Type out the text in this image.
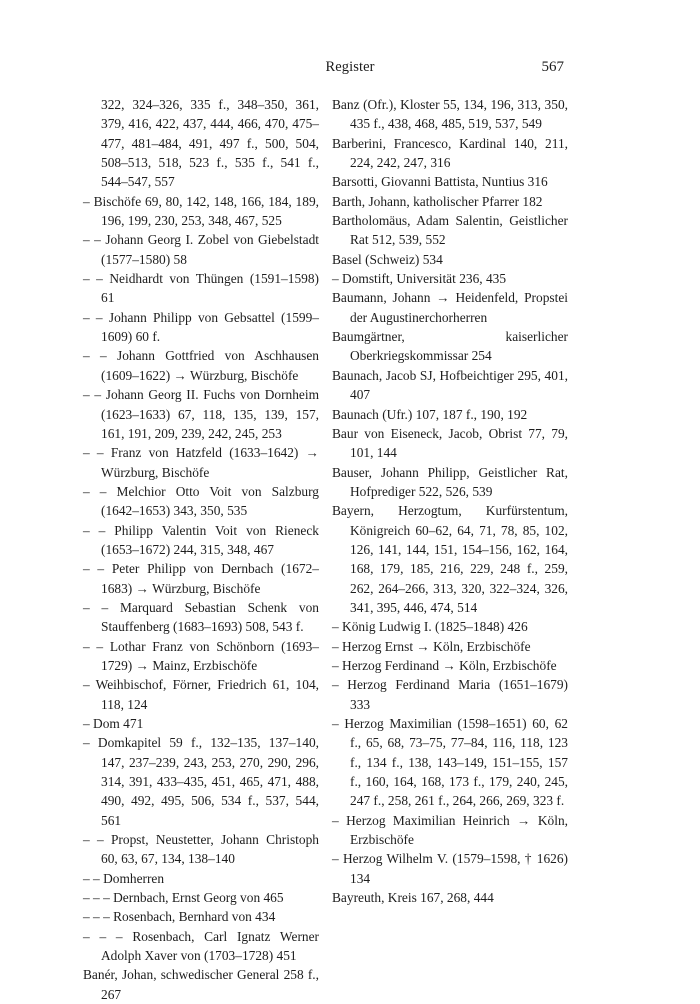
Register	567
322, 324–326, 335 f., 348–350, 361, 379, 416, 422, 437, 444, 466, 470, 475–477, 481–484, 491, 497 f., 500, 504, 508–513, 518, 523 f., 535 f., 541 f., 544–547, 557
– Bischöfe 69, 80, 142, 148, 166, 184, 189, 196, 199, 230, 253, 348, 467, 525
– – Johann Georg I. Zobel von Giebelstadt (1577–1580) 58
– – Neidhardt von Thüngen (1591–1598) 61
– – Johann Philipp von Gebsattel (1599–1609) 60 f.
– – Johann Gottfried von Aschhausen (1609–1622) → Würzburg, Bischöfe
– – Johann Georg II. Fuchs von Dornheim (1623–1633) 67, 118, 135, 139, 157, 161, 191, 209, 239, 242, 245, 253
– – Franz von Hatzfeld (1633–1642) → Würzburg, Bischöfe
– – Melchior Otto Voit von Salzburg (1642–1653) 343, 350, 535
– – Philipp Valentin Voit von Rieneck (1653–1672) 244, 315, 348, 467
– – Peter Philipp von Dernbach (1672–1683) → Würzburg, Bischöfe
– – Marquard Sebastian Schenk von Stauffenberg (1683–1693) 508, 543 f.
– – Lothar Franz von Schönborn (1693–1729) → Mainz, Erzbischöfe
– Weihbischof, Förner, Friedrich 61, 104, 118, 124
– Dom 471
– Domkapitel 59 f., 132–135, 137–140, 147, 237–239, 243, 253, 270, 290, 296, 314, 391, 433–435, 451, 465, 471, 488, 490, 492, 495, 506, 534 f., 537, 544, 561
– – Propst, Neustetter, Johann Christoph 60, 63, 67, 134, 138–140
– – Domherren
– – – Dernbach, Ernst Georg von 465
– – – Rosenbach, Bernhard von 434
– – – Rosenbach, Carl Ignatz Werner Adolph Xaver von (1703–1728) 451
Banér, Johan, schwedischer General 258 f., 267
Banz (Ofr.), Kloster 55, 134, 196, 313, 350, 435 f., 438, 468, 485, 519, 537, 549
Barberini, Francesco, Kardinal 140, 211, 224, 242, 247, 316
Barsotti, Giovanni Battista, Nuntius 316
Barth, Johann, katholischer Pfarrer 182
Bartholomäus, Adam Salentin, Geistlicher Rat 512, 539, 552
Basel (Schweiz) 534
– Domstift, Universität 236, 435
Baumann, Johann → Heidenfeld, Propstei der Augustinerchorherren
Baumgärtner, kaiserlicher Oberkriegskommissar 254
Baunach, Jacob SJ, Hofbeichtiger 295, 401, 407
Baunach (Ufr.) 107, 187 f., 190, 192
Baur von Eiseneck, Jacob, Obrist 77, 79, 101, 144
Bauser, Johann Philipp, Geistlicher Rat, Hofprediger 522, 526, 539
Bayern, Herzogtum, Kurfürstentum, Königreich 60–62, 64, 71, 78, 85, 102, 126, 141, 144, 151, 154–156, 162, 164, 168, 179, 185, 216, 229, 248 f., 259, 262, 264–266, 313, 320, 322–324, 326, 341, 395, 446, 474, 514
– König Ludwig I. (1825–1848) 426
– Herzog Ernst → Köln, Erzbischöfe
– Herzog Ferdinand → Köln, Erzbischöfe
– Herzog Ferdinand Maria (1651–1679) 333
– Herzog Maximilian (1598–1651) 60, 62 f., 65, 68, 73–75, 77–84, 116, 118, 123 f., 134 f., 138, 143–149, 151–155, 157 f., 160, 164, 168, 173 f., 179, 240, 245, 247 f., 258, 261 f., 264, 266, 269, 323 f.
– Herzog Maximilian Heinrich → Köln, Erzbischöfe
– Herzog Wilhelm V. (1579–1598, † 1626) 134
Bayreuth, Kreis 167, 268, 444
